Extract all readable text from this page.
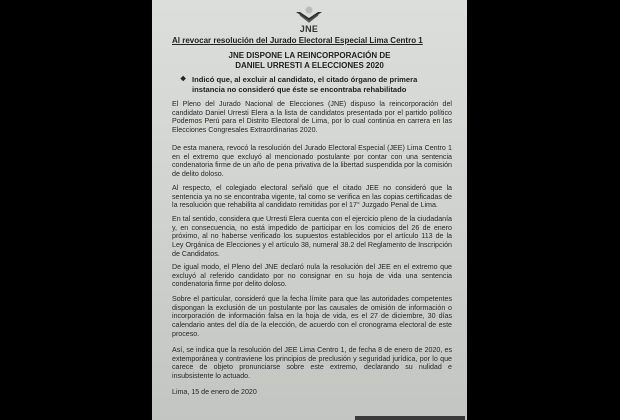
JNE
Al revocar resolución del Jurado Electoral Especial Lima Centro 1
JNE DISPONE LA REINCORPORACIÓN DE
DANIEL URRESTI A ELECCIONES 2020
❖ Indicó que, al excluir al candidato, el citado órgano de primera instancia no consideró que éste se encontraba rehabilitado
El Pleno del Jurado Nacional de Elecciones (JNE) dispuso la reincorporación del candidato Daniel Urresti Elera a la lista de candidatos presentada por el partido político Podemos Perú para el Distrito Electoral de Lima, por lo cual continúa en carrera en las Elecciones Congresales Extraordinarias 2020.
De esta manera, revocó la resolución del Jurado Electoral Especial (JEE) Lima Centro 1 en el extremo que excluyó al mencionado postulante por contar con una sentencia condenatoria firme de un año de pena privativa de la libertad suspendida por la comisión de delito doloso.
Al respecto, el colegiado electoral señaló que el citado JEE no consideró que la sentencia ya no se encontraba vigente, tal como se verifica en las copias certificadas de la resolución que rehabilita al candidato remitidas por el 17° Juzgado Penal de Lima.
En tal sentido, considera que Urresti Elera cuenta con el ejercicio pleno de la ciudadanía y, en consecuencia, no está impedido de participar en los comicios del 26 de enero próximo, al no haberse verificado los supuestos establecidos por el artículo 113 de la Ley Orgánica de Elecciones y el artículo 38, numeral 38.2 del Reglamento de Inscripción de Candidatos.
De igual modo, el Pleno del JNE declaró nula la resolución del JEE en el extremo que excluyó al referido candidato por no consignar en su hoja de vida una sentencia condenatoria firme por delito doloso.
Sobre el particular, consideró que la fecha límite para que las autoridades competentes dispongan la exclusión de un postulante por las causales de omisión de información o incorporación de información falsa en la hoja de vida, es el 27 de diciembre, 30 días calendario antes del día de la elección, de acuerdo con el cronograma electoral de este proceso.
Así, se indica que la resolución del JEE Lima Centro 1, de fecha 8 de enero de 2020, es extemporánea y contraviene los principios de preclusión y seguridad jurídica, por lo que carece de objeto pronunciarse sobre este extremo, declarando su nulidad e insubsistente lo actuado.
Lima, 15 de enero de 2020
